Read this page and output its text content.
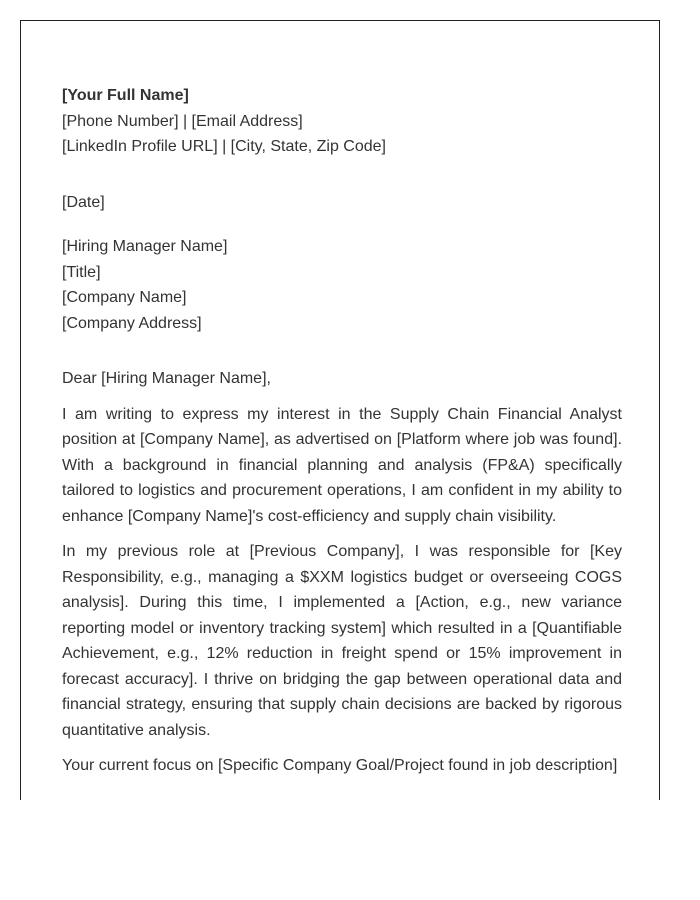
[Your Full Name]
[Phone Number] | [Email Address]
[LinkedIn Profile URL] | [City, State, Zip Code]
[Date]
[Hiring Manager Name]
[Title]
[Company Name]
[Company Address]
Dear [Hiring Manager Name],

I am writing to express my interest in the Supply Chain Financial Analyst position at [Company Name], as advertised on [Platform where job was found]. With a background in financial planning and analysis (FP&A) specifically tailored to logistics and procurement operations, I am confident in my ability to enhance [Company Name]'s cost-efficiency and supply chain visibility.

In my previous role at [Previous Company], I was responsible for [Key Responsibility, e.g., managing a $XXM logistics budget or overseeing COGS analysis]. During this time, I implemented a [Action, e.g., new variance reporting model or inventory tracking system] which resulted in a [Quantifiable Achievement, e.g., 12% reduction in freight spend or 15% improvement in forecast accuracy]. I thrive on bridging the gap between operational data and financial strategy, ensuring that supply chain decisions are backed by rigorous quantitative analysis.

Your current focus on [Specific Company Goal/Project found in job description]
